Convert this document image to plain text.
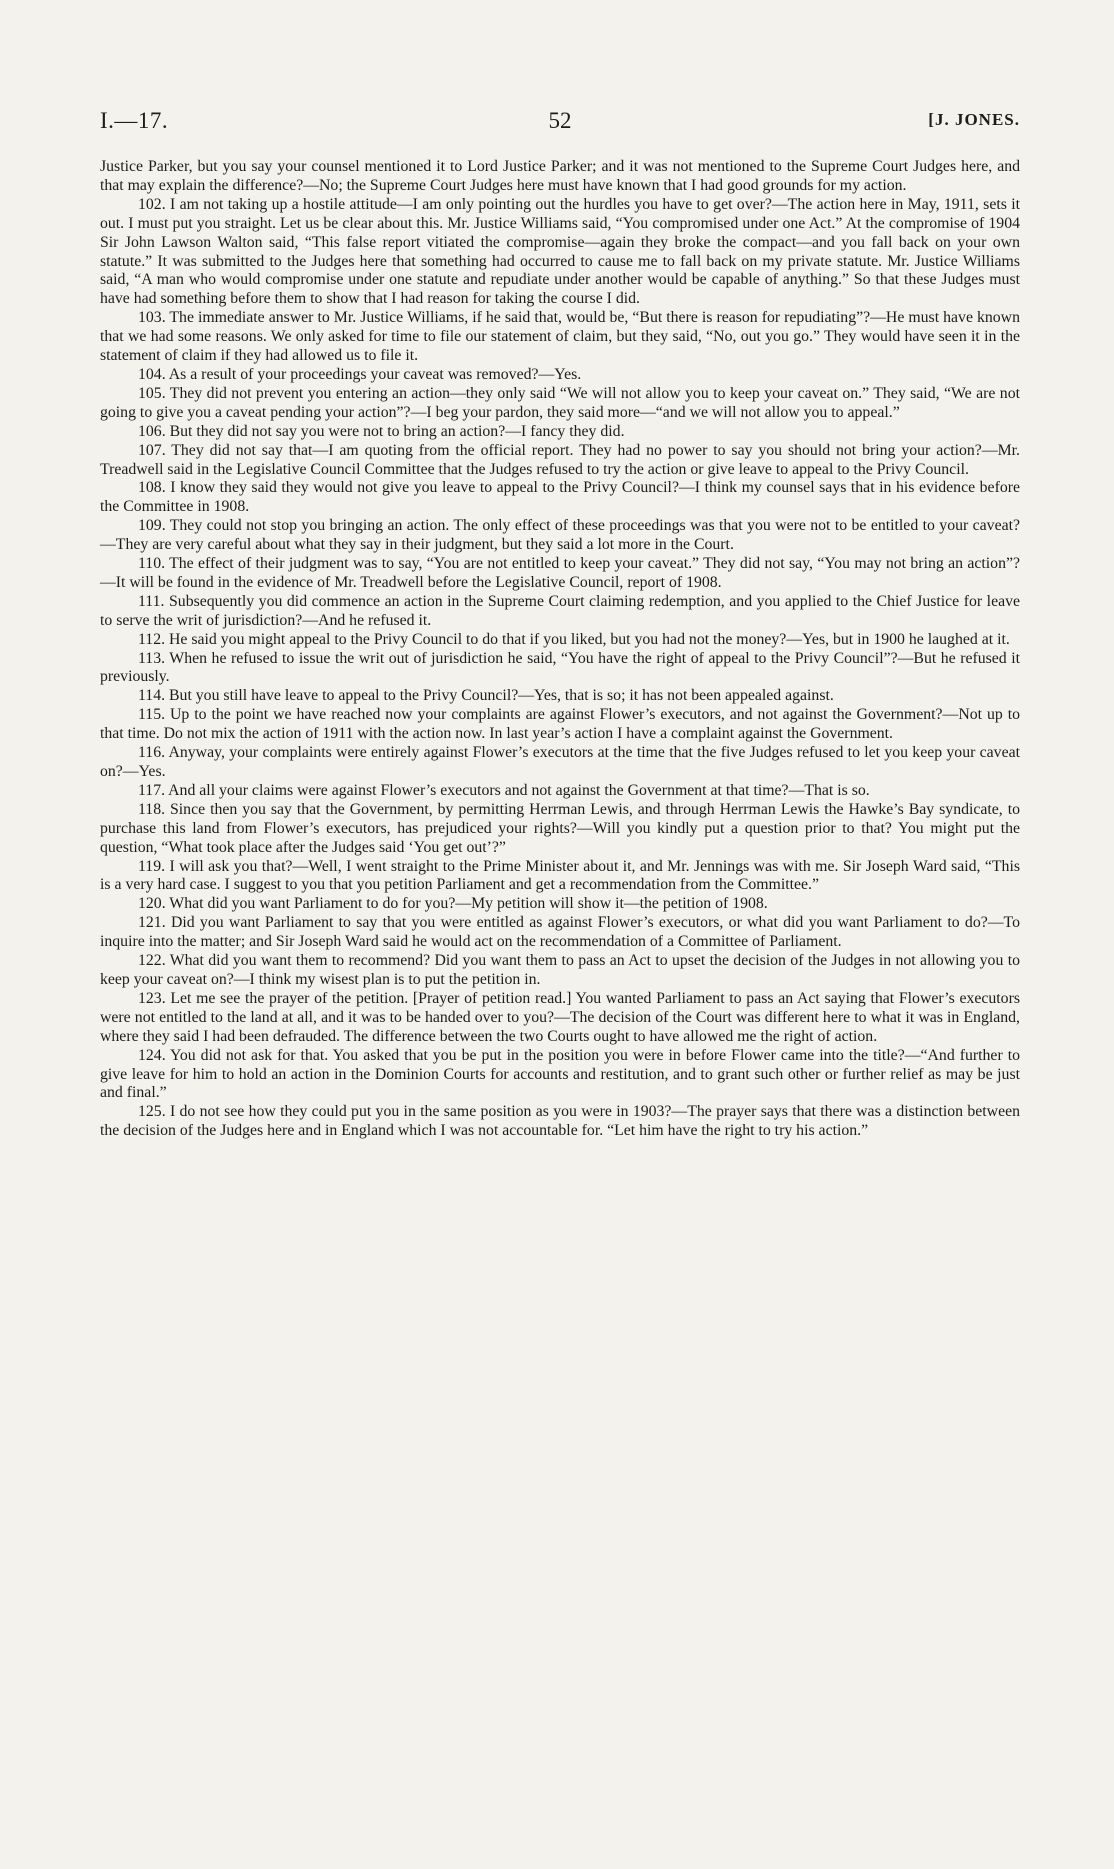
I.—17.	52	[J. JONES.

Justice Parker, but you say your counsel mentioned it to Lord Justice Parker; and it was not mentioned to the Supreme Court Judges here, and that may explain the difference?—No; the Supreme Court Judges here must have known that I had good grounds for my action.

102. I am not taking up a hostile attitude—I am only pointing out the hurdles you have to get over?—The action here in May, 1911, sets it out. I must put you straight. Let us be clear about this. Mr. Justice Williams said, “You compromised under one Act.” At the compromise of 1904 Sir John Lawson Walton said, “This false report vitiated the compromise—again they broke the compact—and you fall back on your own statute.” It was submitted to the Judges here that something had occurred to cause me to fall back on my private statute. Mr. Justice Williams said, “A man who would compromise under one statute and repudiate under another would be capable of anything.” So that these Judges must have had something before them to show that I had reason for taking the course I did.

103. The immediate answer to Mr. Justice Williams, if he said that, would be, “But there is reason for repudiating”?—He must have known that we had some reasons. We only asked for time to file our statement of claim, but they said, “No, out you go.” They would have seen it in the statement of claim if they had allowed us to file it.

104. As a result of your proceedings your caveat was removed?—Yes.

105. They did not prevent you entering an action—they only said “We will not allow you to keep your caveat on.” They said, “We are not going to give you a caveat pending your action”?—I beg your pardon, they said more—“and we will not allow you to appeal.”

106. But they did not say you were not to bring an action?—I fancy they did.

107. They did not say that—I am quoting from the official report. They had no power to say you should not bring your action?—Mr. Treadwell said in the Legislative Council Committee that the Judges refused to try the action or give leave to appeal to the Privy Council.

108. I know they said they would not give you leave to appeal to the Privy Council?—I think my counsel says that in his evidence before the Committee in 1908.

109. They could not stop you bringing an action. The only effect of these proceedings was that you were not to be entitled to your caveat?—They are very careful about what they say in their judgment, but they said a lot more in the Court.

110. The effect of their judgment was to say, “You are not entitled to keep your caveat.” They did not say, “You may not bring an action”?—It will be found in the evidence of Mr. Treadwell before the Legislative Council, report of 1908.

111. Subsequently you did commence an action in the Supreme Court claiming redemption, and you applied to the Chief Justice for leave to serve the writ of jurisdiction?—And he refused it.

112. He said you might appeal to the Privy Council to do that if you liked, but you had not the money?—Yes, but in 1900 he laughed at it.

113. When he refused to issue the writ out of jurisdiction he said, “You have the right of appeal to the Privy Council”?—But he refused it previously.

114. But you still have leave to appeal to the Privy Council?—Yes, that is so; it has not been appealed against.

115. Up to the point we have reached now your complaints are against Flower’s executors, and not against the Government?—Not up to that time. Do not mix the action of 1911 with the action now. In last year’s action I have a complaint against the Government.

116. Anyway, your complaints were entirely against Flower’s executors at the time that the five Judges refused to let you keep your caveat on?—Yes.

117. And all your claims were against Flower’s executors and not against the Government at that time?—That is so.

118. Since then you say that the Government, by permitting Herrman Lewis, and through Herrman Lewis the Hawke’s Bay syndicate, to purchase this land from Flower’s executors, has prejudiced your rights?—Will you kindly put a question prior to that? You might put the question, “What took place after the Judges said ‘You get out’?”

119. I will ask you that?—Well, I went straight to the Prime Minister about it, and Mr. Jennings was with me. Sir Joseph Ward said, “This is a very hard case. I suggest to you that you petition Parliament and get a recommendation from the Committee.”

120. What did you want Parliament to do for you?—My petition will show it—the petition of 1908.

121. Did you want Parliament to say that you were entitled as against Flower’s executors, or what did you want Parliament to do?—To inquire into the matter; and Sir Joseph Ward said he would act on the recommendation of a Committee of Parliament.

122. What did you want them to recommend? Did you want them to pass an Act to upset the decision of the Judges in not allowing you to keep your caveat on?—I think my wisest plan is to put the petition in.

123. Let me see the prayer of the petition. [Prayer of petition read.] You wanted Parliament to pass an Act saying that Flower’s executors were not entitled to the land at all, and it was to be handed over to you?—The decision of the Court was different here to what it was in England, where they said I had been defrauded. The difference between the two Courts ought to have allowed me the right of action.

124. You did not ask for that. You asked that you be put in the position you were in before Flower came into the title?—“And further to give leave for him to hold an action in the Dominion Courts for accounts and restitution, and to grant such other or further relief as may be just and final.”

125. I do not see how they could put you in the same position as you were in 1903?—The prayer says that there was a distinction between the decision of the Judges here and in England which I was not accountable for. “Let him have the right to try his action.”
